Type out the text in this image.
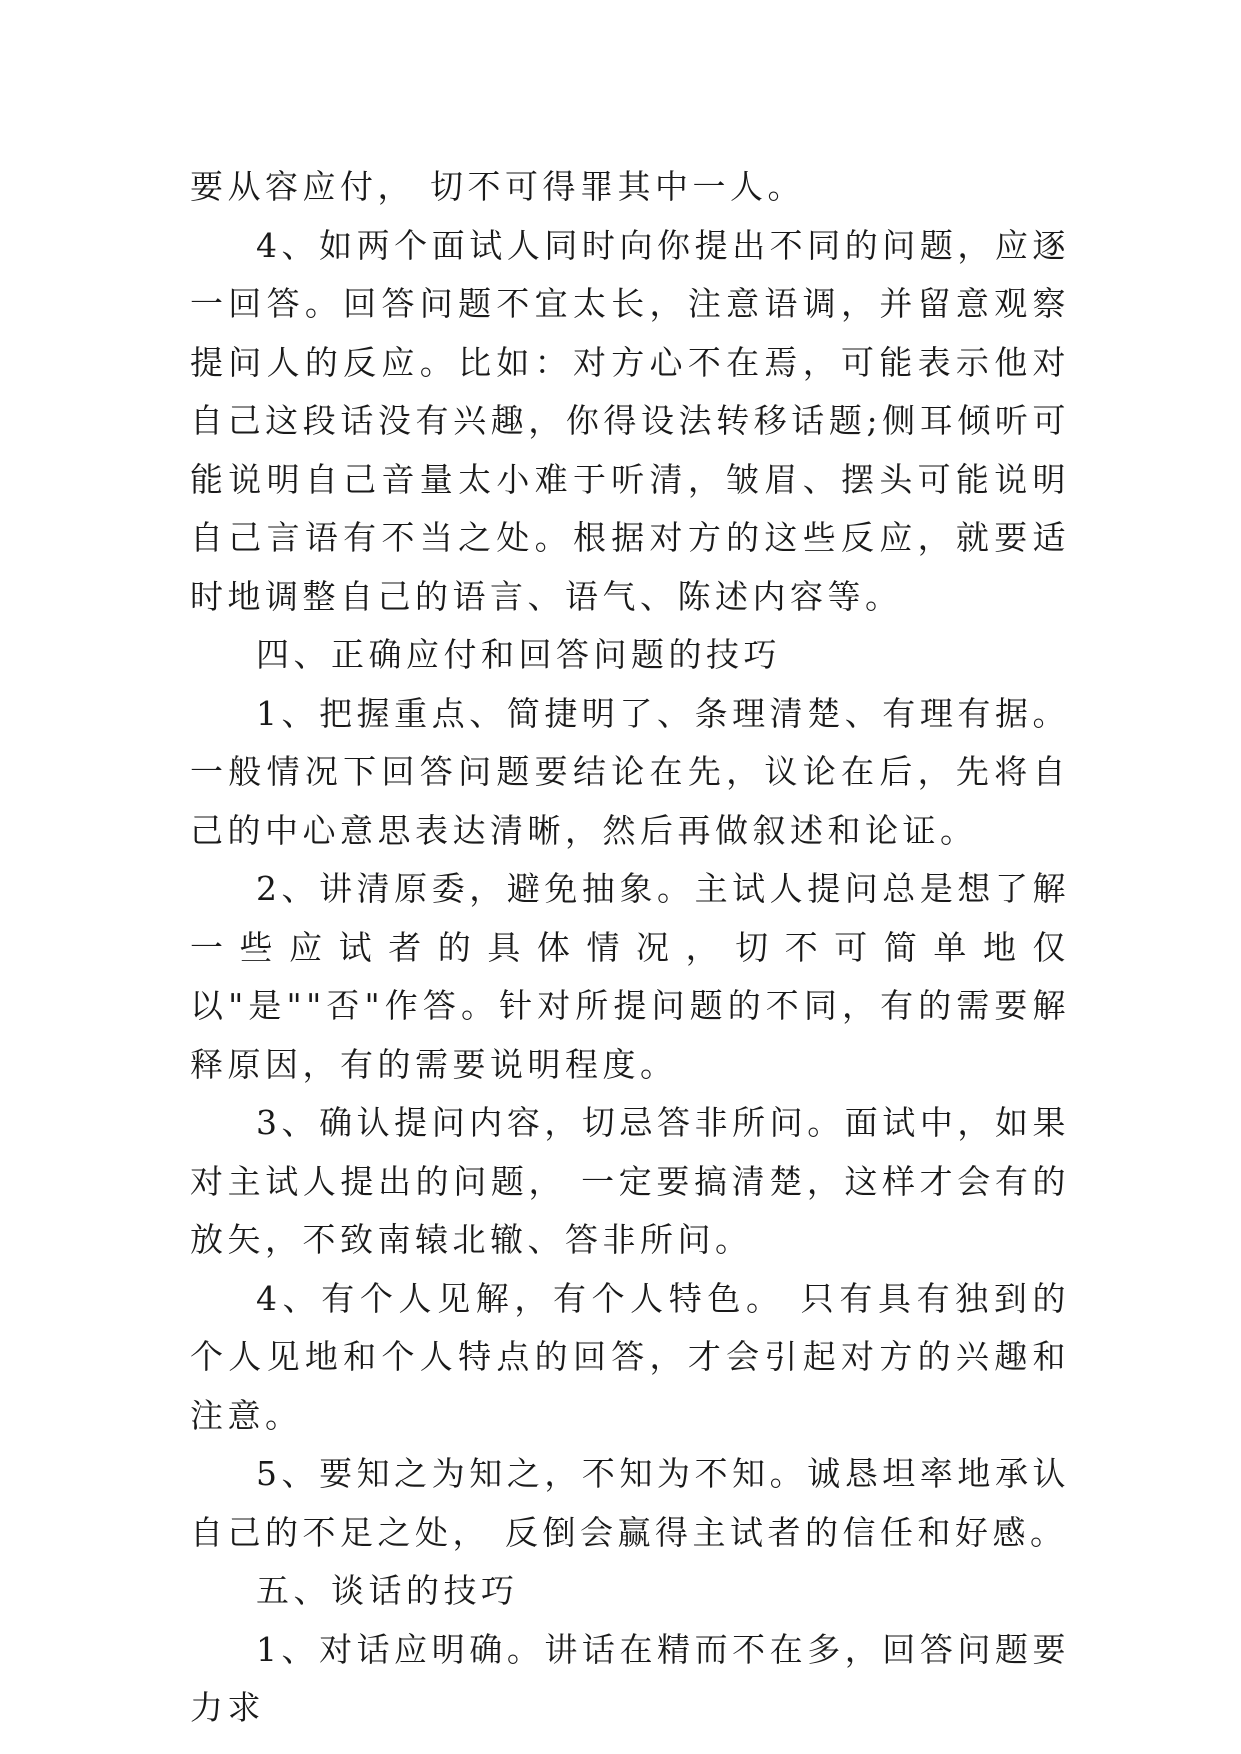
要从容应付， 切不可得罪其中一人。

4、如两个面试人同时向你提出不同的问题，应逐一回答。回答问题不宜太长，注意语调，并留意观察提问人的反应。比如：对方心不在焉，可能表示他对自己这段话没有兴趣，你得设法转移话题;侧耳倾听可能说明自己音量太小难于听清，皱眉、摆头可能说明自己言语有不当之处。根据对方的这些反应，就要适时地调整自己的语言、语气、陈述内容等。

四、正确应付和回答问题的技巧

1、把握重点、简捷明了、条理清楚、有理有据。一般情况下回答问题要结论在先，议论在后，先将自己的中心意思表达清晰，然后再做叙述和论证。

2、讲清原委，避免抽象。主试人提问总是想了解一些应试者的具体情况，切不可简单地仅以"是""否"作答。针对所提问题的不同，有的需要解释原因，有的需要说明程度。

3、确认提问内容，切忌答非所问。面试中，如果对主试人提出的问题， 一定要搞清楚，这样才会有的放矢，不致南辕北辙、答非所问。

4、有个人见解，有个人特色。 只有具有独到的个人见地和个人特点的回答，才会引起对方的兴趣和注意。

5、要知之为知之，不知为不知。诚恳坦率地承认自己的不足之处， 反倒会赢得主试者的信任和好感。

五、谈话的技巧

1、对话应明确。讲话在精而不在多，回答问题要力求
